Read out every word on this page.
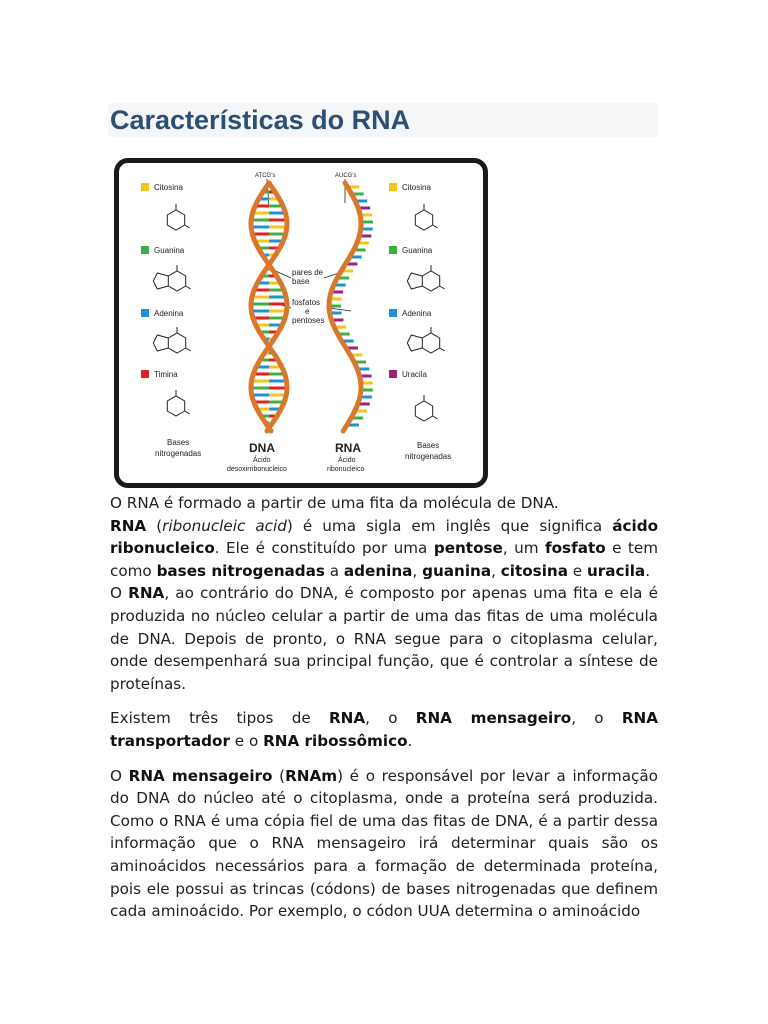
Características do RNA
Citosina
Guanina
Adenina
Timina
Citosina
Guanina
Adenina
Uracila
Bases
nitrogenadas
Bases
nitrogenadas
ATCG's	AUCG's
pares de
base
fosfatos
e
pentoses
DNA
Ácido
desoxirribonucleico
RNA
Ácido
ribonucleico

O RNA é formado a partir de uma fita da molécula de DNA.

RNA (ribonucleic acid) é uma sigla em inglês que significa ácido ribonucleico. Ele é constituído por uma pentose, um fosfato e tem como bases nitrogenadas a adenina, guanina, citosina e uracila.

O RNA, ao contrário do DNA, é composto por apenas uma fita e ela é produzida no núcleo celular a partir de uma das fitas de uma molécula de DNA. Depois de pronto, o RNA segue para o citoplasma celular, onde desempenhará sua principal função, que é controlar a síntese de proteínas.

Existem três tipos de RNA, o RNA mensageiro, o RNA transportador e o RNA ribossômico.

O RNA mensageiro (RNAm) é o responsável por levar a informação do DNA do núcleo até o citoplasma, onde a proteína será produzida. Como o RNA é uma cópia fiel de uma das fitas de DNA, é a partir dessa informação que o RNA mensageiro irá determinar quais são os aminoácidos necessários para a formação de determinada proteína, pois ele possui as trincas (códons) de bases nitrogenadas que definem cada aminoácido. Por exemplo, o códon UUA determina o aminoácido
